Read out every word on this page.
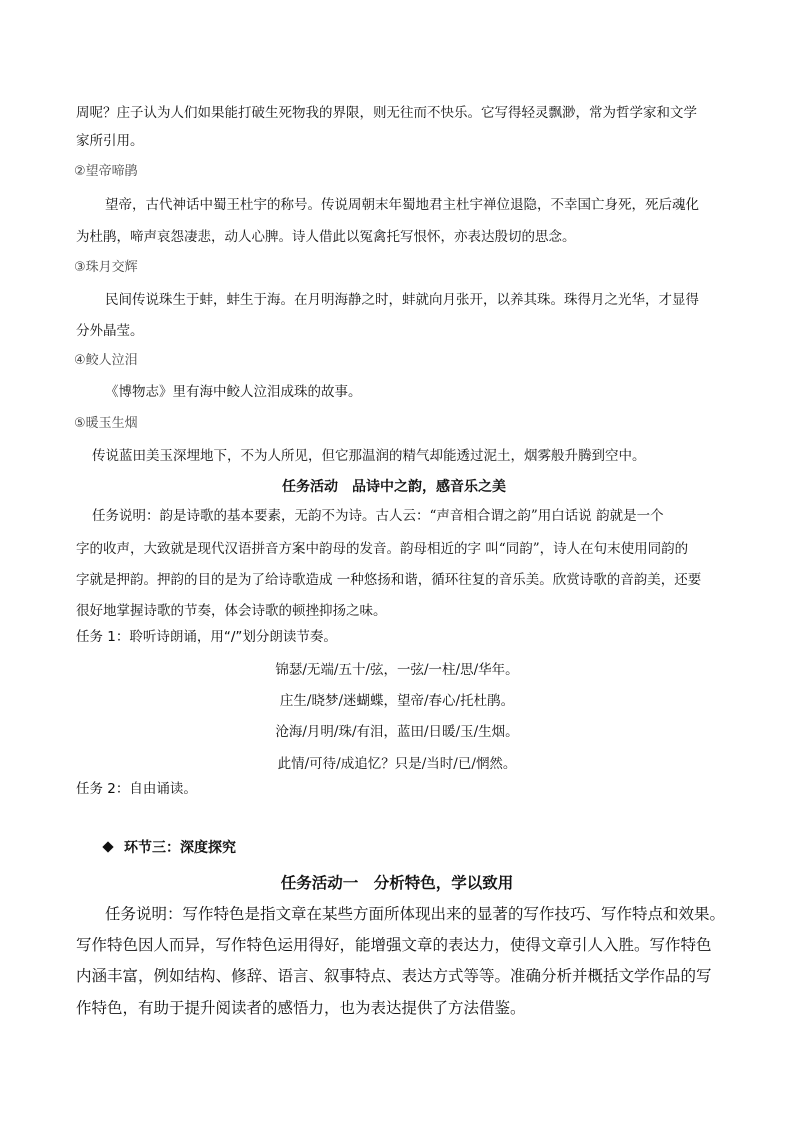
周呢？庄子认为人们如果能打破生死物我的界限，则无往而不快乐。它写得轻灵飘渺，常为哲学家和文学
家所引用。
②望帝啼鹃
望帝，古代神话中蜀王杜宇的称号。传说周朝末年蜀地君主杜宇禅位退隐，不幸国亡身死，死后魂化
为杜鹃，啼声哀怨凄悲，动人心脾。诗人借此以冤禽托写恨怀，亦表达殷切的思念。
③珠月交辉
民间传说珠生于蚌，蚌生于海。在月明海静之时，蚌就向月张开，以养其珠。珠得月之光华，才显得
分外晶莹。
④鲛人泣泪
《博物志》里有海中鲛人泣泪成珠的故事。
⑤暖玉生烟
传说蓝田美玉深埋地下，不为人所见，但它那温润的精气却能透过泥土，烟雾般升腾到空中。
任务活动　品诗中之韵，感音乐之美
任务说明：韵是诗歌的基本要素，无韵不为诗。古人云：“声音相合谓之韵”用白话说 韵就是一个
字的收声，大致就是现代汉语拼音方案中韵母的发音。韵母相近的字 叫“同韵”，诗人在句末使用同韵的
字就是押韵。押韵的目的是为了给诗歌造成 一种悠扬和谐，循环往复的音乐美。欣赏诗歌的音韵美，还要
很好地掌握诗歌的节奏，体会诗歌的顿挫抑扬之味。
任务 1：聆听诗朗诵，用“/”划分朗读节奏。
锦瑟/无端/五十/弦，一弦/一柱/思/华年。
庄生/晓梦/迷蝴蝶，望帝/春心/托杜鹃。
沧海/月明/珠/有泪，蓝田/日暖/玉/生烟。
此情/可待/成追忆？只是/当时/已/惘然。
任务 2：自由诵读。
环节三：深度探究
任务活动一　分析特色，学以致用
任务说明：写作特色是指文章在某些方面所体现出来的显著的写作技巧、写作特点和效果。
写作特色因人而异，写作特色运用得好，能增强文章的表达力，使得文章引人入胜。写作特色
内涵丰富，例如结构、修辞、语言、叙事特点、表达方式等等。准确分析并概括文学作品的写
作特色，有助于提升阅读者的感悟力，也为表达提供了方法借鉴。
